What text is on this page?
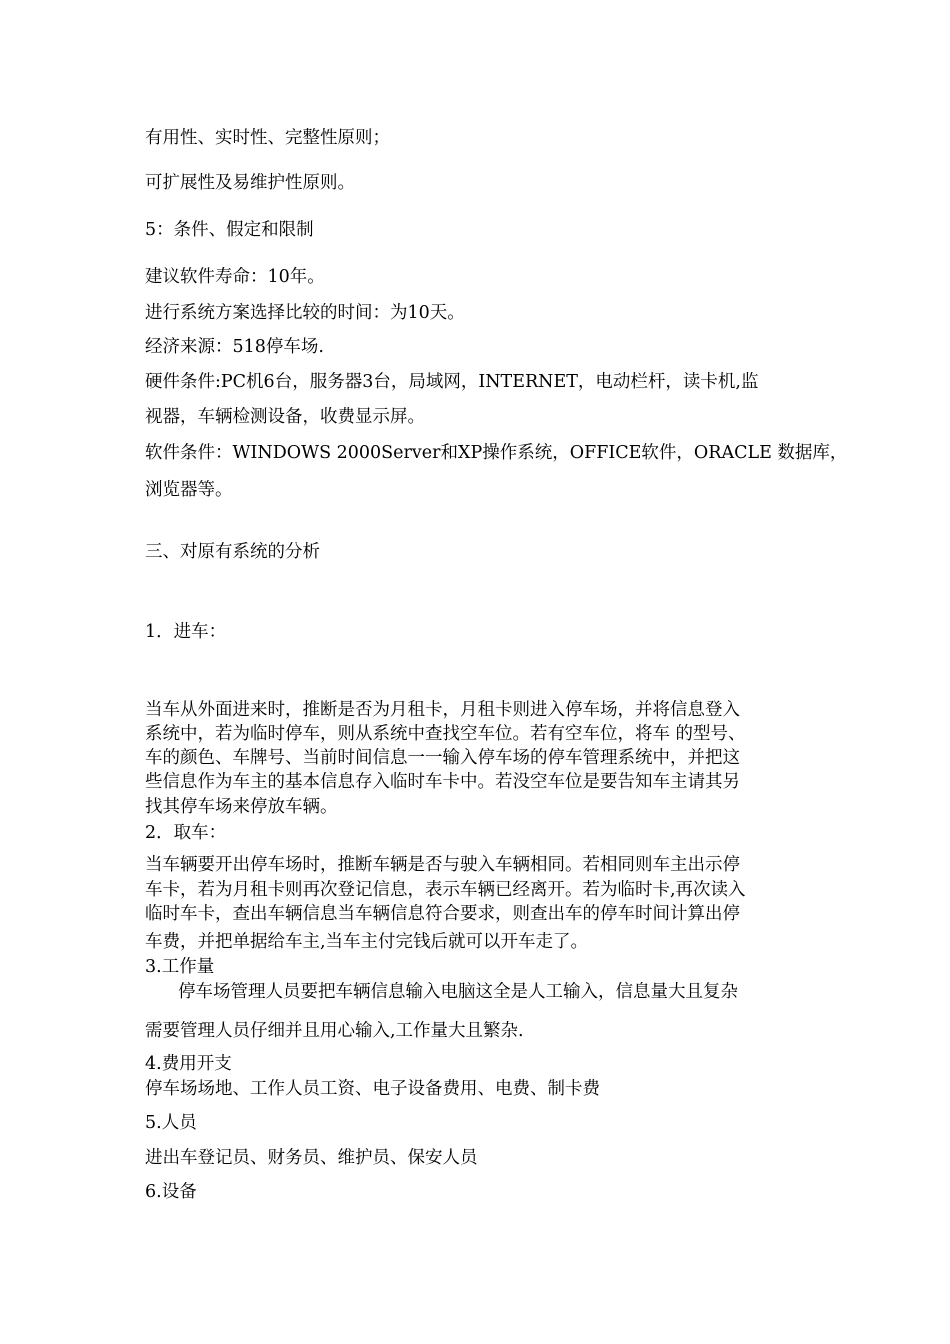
有用性、实时性、完整性原则；
可扩展性及易维护性原则。
5：条件、假定和限制
建议软件寿命：10年。
进行系统方案选择比较的时间：为10天。
经济来源：518停车场.
硬件条件:PC机6台，服务器3台，局域网，INTERNET，电动栏杆，读卡机,监
视器，车辆检测设备，收费显示屏。
软件条件：WINDOWS 2000Server和XP操作系统，OFFICE软件，ORACLE 数据库，
浏览器等。
三、对原有系统的分析
1．进车：
当车从外面进来时，推断是否为月租卡，月租卡则进入停车场，并将信息登入
系统中，若为临时停车，则从系统中查找空车位。若有空车位，将车 的型号、
车的颜色、车牌号、当前时间信息一一输入停车场的停车管理系统中，并把这
些信息作为车主的基本信息存入临时车卡中。若没空车位是要告知车主请其另
找其停车场来停放车辆。
2．取车：
当车辆要开出停车场时，推断车辆是否与驶入车辆相同。若相同则车主出示停
车卡，若为月租卡则再次登记信息，表示车辆已经离开。若为临时卡,再次读入
临时车卡，查出车辆信息当车辆信息符合要求，则查出车的停车时间计算出停
车费，并把单据给车主,当车主付完钱后就可以开车走了。
3.工作量
停车场管理人员要把车辆信息输入电脑这全是人工输入，信息量大且复杂
需要管理人员仔细并且用心输入,工作量大且繁杂.
4.费用开支
停车场场地、工作人员工资、电子设备费用、电费、制卡费
5.人员
进出车登记员、财务员、维护员、保安人员
6.设备
